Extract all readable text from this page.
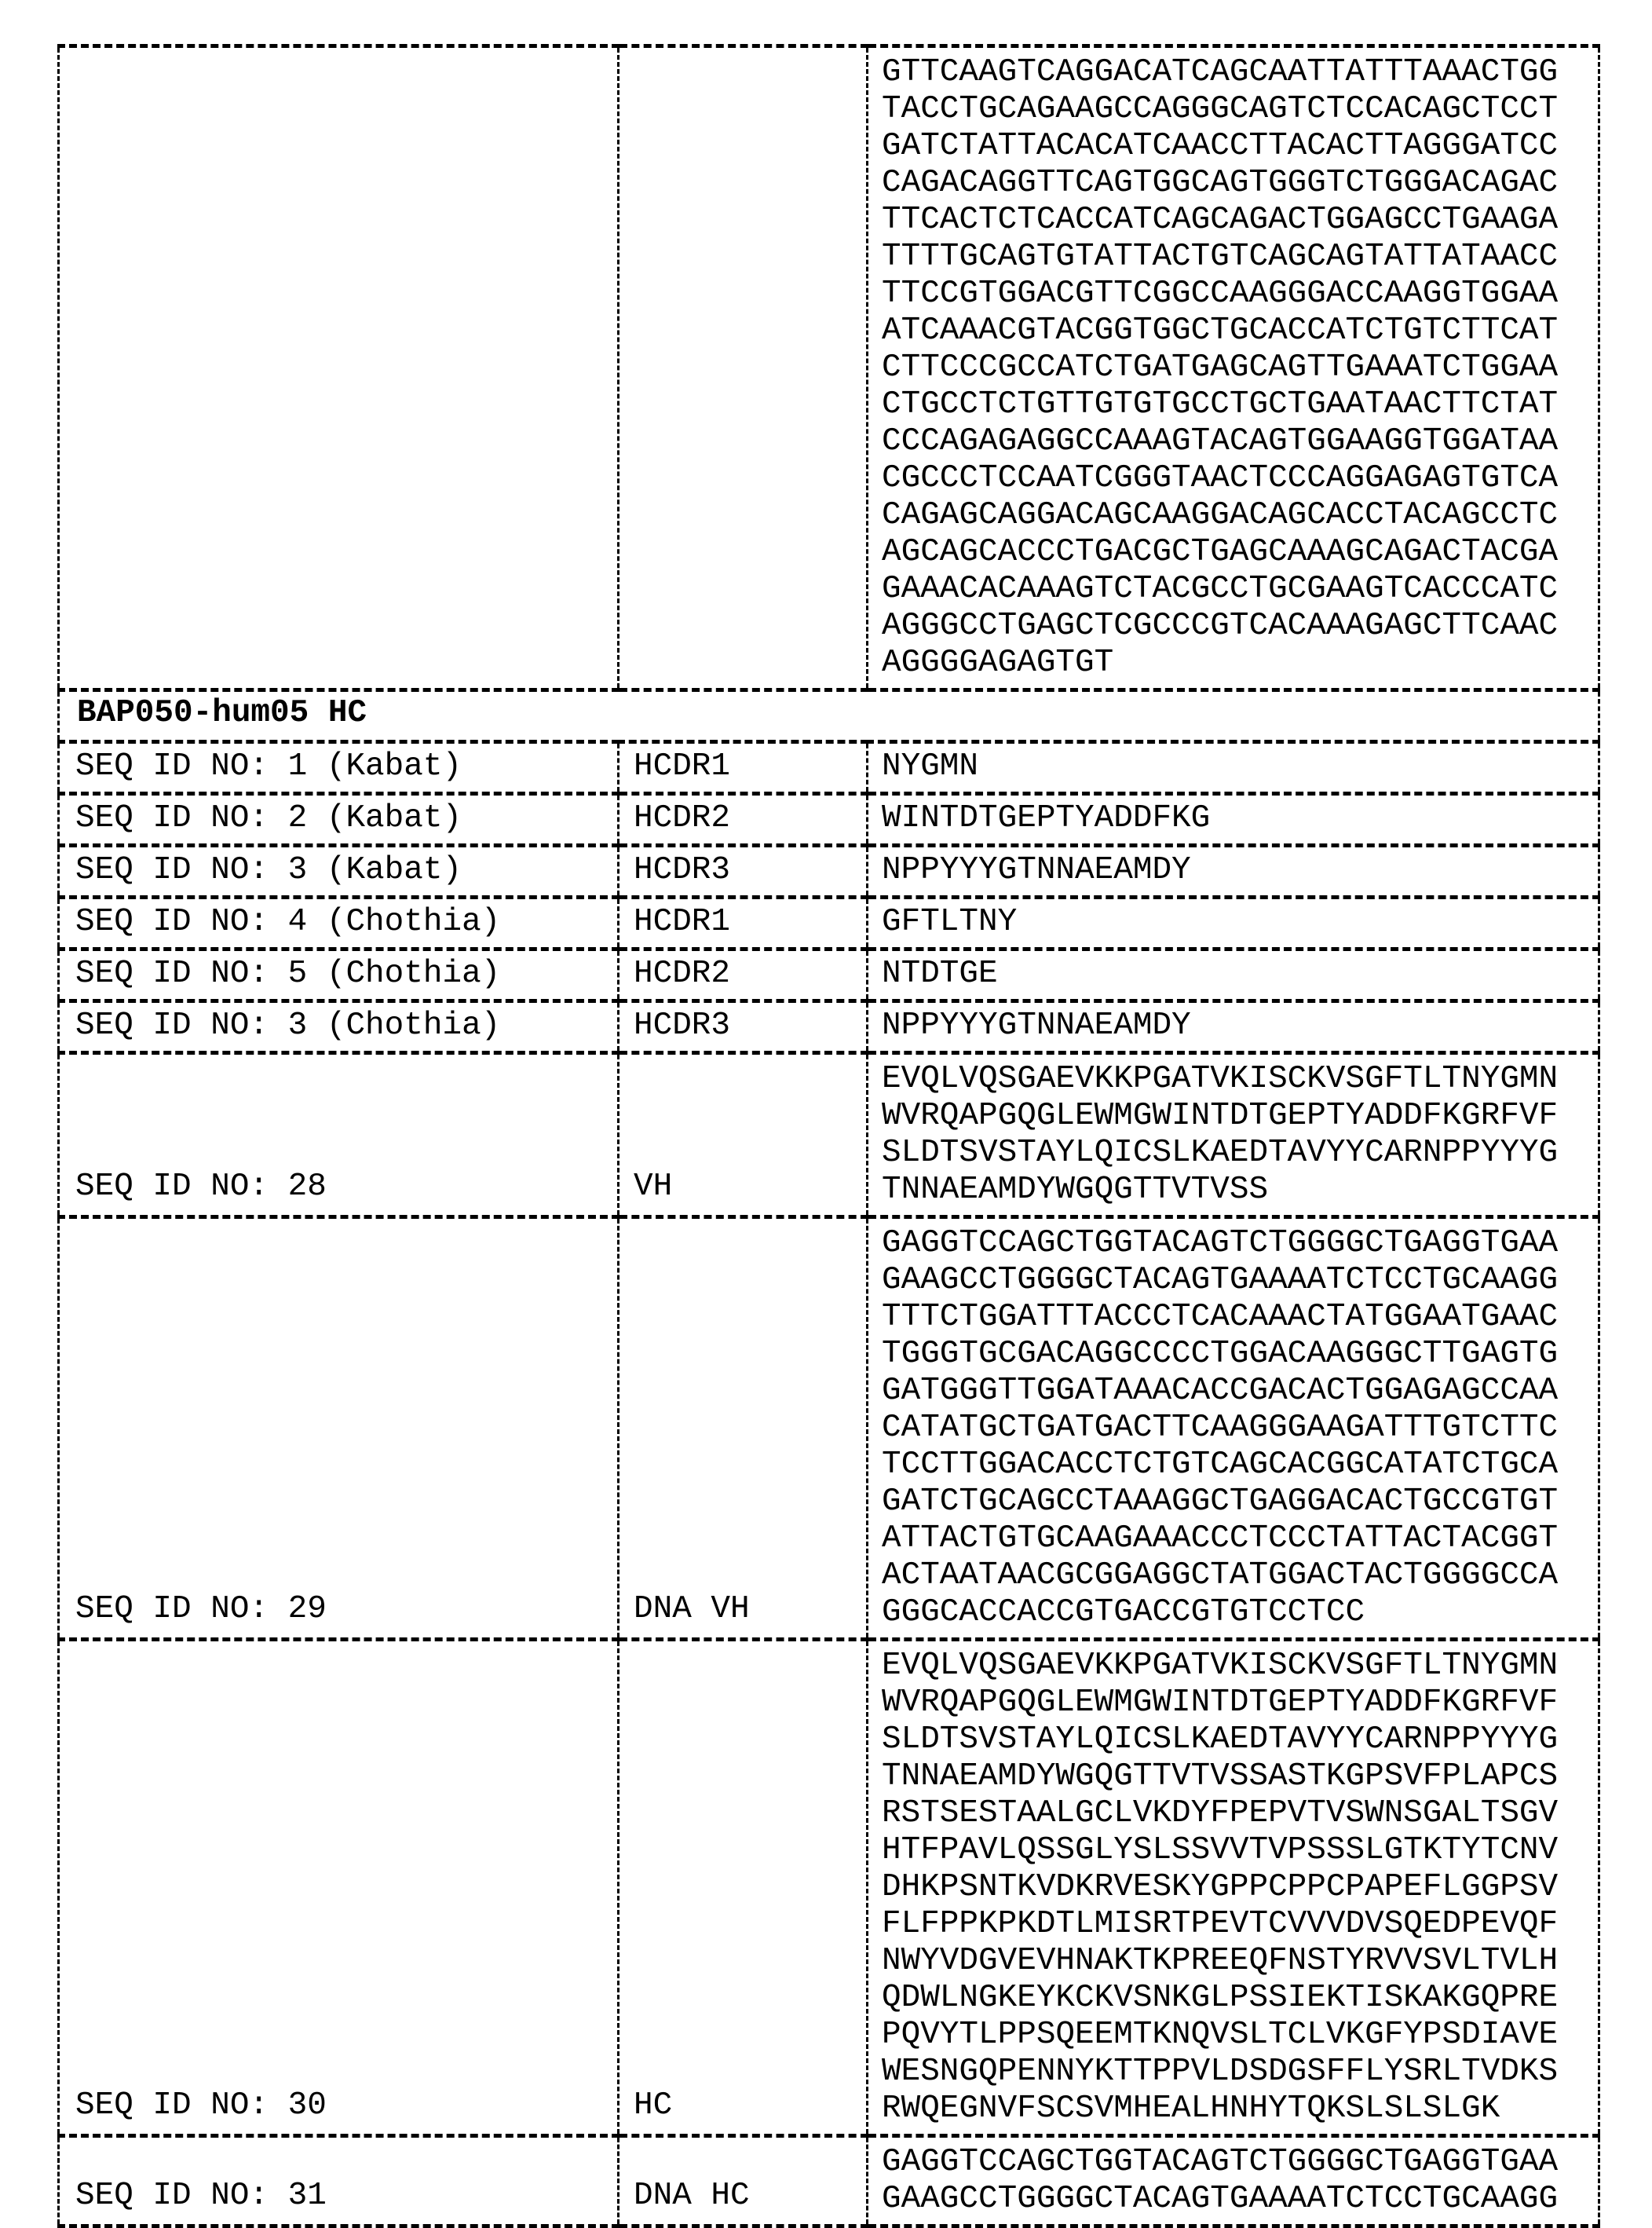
		GTTCAAGTCAGGACATCAGCAATTATTTAAACTGG
TACCTGCAGAAGCCAGGGCAGTCTCCACAGCTCCT
GATCTATTACACATCAACCTTACACTTAGGGATCC
CAGACAGGTTCAGTGGCAGTGGGTCTGGGACAGAC
TTCACTCTCACCATCAGCAGACTGGAGCCTGAAGA
TTTTGCAGTGTATTACTGTCAGCAGTATTATAACC
TTCCGTGGACGTTCGGCCAAGGGACCAAGGTGGAA
ATCAAACGTACGGTGGCTGCACCATCTGTCTTCAT
CTTCCCGCCATCTGATGAGCAGTTGAAATCTGGAA
CTGCCTCTGTTGTGTGCCTGCTGAATAACTTCTAT
CCCAGAGAGGCCAAAGTACAGTGGAAGGTGGATAA
CGCCCTCCAATCGGGTAACTCCCAGGAGAGTGTCA
CAGAGCAGGACAGCAAGGACAGCACCTACAGCCTC
AGCAGCACCCTGACGCTGAGCAAAGCAGACTACGA
GAAACACAAAGTCTACGCCTGCGAAGTCACCCATC
AGGGCCTGAGCTCGCCCGTCACAAAGAGCTTCAAC
AGGGGAGAGTGT
BAP050-hum05 HC		
SEQ ID NO: 1 (Kabat)	HCDR1	NYGMN
SEQ ID NO: 2 (Kabat)	HCDR2	WINTDTGEPTYADDFKG
SEQ ID NO: 3 (Kabat)	HCDR3	NPPYYYGTNNAEAMDY
SEQ ID NO: 4 (Chothia)	HCDR1	GFTLTNY
SEQ ID NO: 5 (Chothia)	HCDR2	NTDTGE
SEQ ID NO: 3 (Chothia)	HCDR3	NPPYYYGTNNAEAMDY
SEQ ID NO: 28	VH	EVQLVQSGAEVKKPGATVKISCKVSGFTLTNYGMN
WVRQAPGQGLEWMGWINTDTGEPTYADDFKGRFVF
SLDTSVSTAYLQICSLKAEDTAVYYCARNPPYYYG
TNNAEAMDYWGQGTTVTVSS
SEQ ID NO: 29	DNA VH	GAGGTCCAGCTGGTACAGTCTGGGGCTGAGGTGAA
GAAGCCTGGGGCTACAGTGAAAATCTCCTGCAAGG
TTTCTGGATTTACCCTCACAAACTATGGAATGAAC
TGGGTGCGACAGGCCCCTGGACAAGGGCTTGAGTG
GATGGGTTGGATAAACACCGACACTGGAGAGCCAA
CATATGCTGATGACTTCAAGGGAAGATTTGTCTTC
TCCTTGGACACCTCTGTCAGCACGGCATATCTGCA
GATCTGCAGCCTAAAGGCTGAGGACACTGCCGTGT
ATTACTGTGCAAGAAACCCTCCCTATTACTACGGT
ACTAATAACGCGGAGGCTATGGACTACTGGGGCCA
GGGCACCACCGTGACCGTGTCCTCC
SEQ ID NO: 30	HC	EVQLVQSGAEVKKPGATVKISCKVSGFTLTNYGMN
WVRQAPGQGLEWMGWINTDTGEPTYADDFKGRFVF
SLDTSVSTAYLQICSLKAEDTAVYYCARNPPYYYG
TNNAEAMDYWGQGTTVTVSSASTKGPSVFPLAPCS
RSTSESTAALGCLVKDYFPEPVTVSWNSGALTSGV
HTFPAVLQSSGLYSLSSVVTVPSSSLGTKTYTCNV
DHKPSNTKVDKRVESKYGPPCPPCPAPEFLGGPSV
FLFPPKPKDTLMISRTPEVTCVVVDVSQEDPEVQF
NWYVDGVEVHNAKTKPREEQFNSTYRVVSVLTVLH
QDWLNGKEYKCKVSNKGLPSSIEKTISKAKGQPRE
PQVYTLPPSQEEMTKNQVSLTCLVKGFYPSDIAVE
WESNGQPENNYKTTPPVLDSDGSFFLYSRLTVDKS
RWQEGNVFSCSVMHEALHNHYTQKSLSLSLGK
SEQ ID NO: 31	DNA HC	GAGGTCCAGCTGGTACAGTCTGGGGCTGAGGTGAA
GAAGCCTGGGGCTACAGTGAAAATCTCCTGCAAGG
